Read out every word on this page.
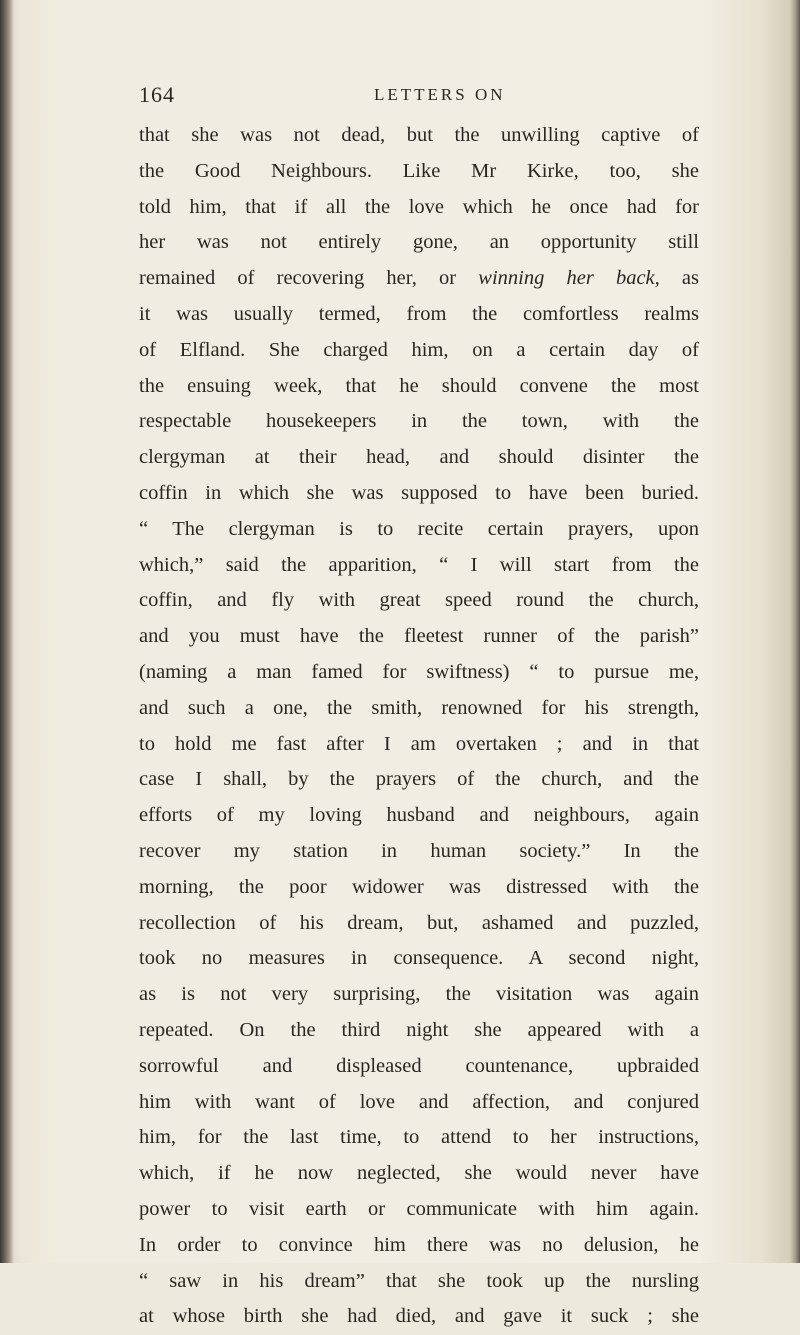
164	LETTERS ON
that she was not dead, but the unwilling captive of
the Good Neighbours. Like Mr Kirke, too, she
told him, that if all the love which he once had for
her was not entirely gone, an opportunity still
remained of recovering her, or winning her back, as
it was usually termed, from the comfortless realms
of Elfland. She charged him, on a certain day of
the ensuing week, that he should convene the most
respectable housekeepers in the town, with the
clergyman at their head, and should disinter the
coffin in which she was supposed to have been buried.
“ The clergyman is to recite certain prayers, upon
which,” said the apparition, “ I will start from the
coffin, and fly with great speed round the church,
and you must have the fleetest runner of the parish”
(naming a man famed for swiftness) “ to pursue me,
and such a one, the smith, renowned for his strength,
to hold me fast after I am overtaken ; and in that
case I shall, by the prayers of the church, and the
efforts of my loving husband and neighbours, again
recover my station in human society.” In the
morning, the poor widower was distressed with the
recollection of his dream, but, ashamed and puzzled,
took no measures in consequence. A second night,
as is not very surprising, the visitation was again
repeated. On the third night she appeared with a
sorrowful and displeased countenance, upbraided
him with want of love and affection, and conjured
him, for the last time, to attend to her instructions,
which, if he now neglected, she would never have
power to visit earth or communicate with him again.
In order to convince him there was no delusion, he
“ saw in his dream” that she took up the nursling
at whose birth she had died, and gave it suck ; she
